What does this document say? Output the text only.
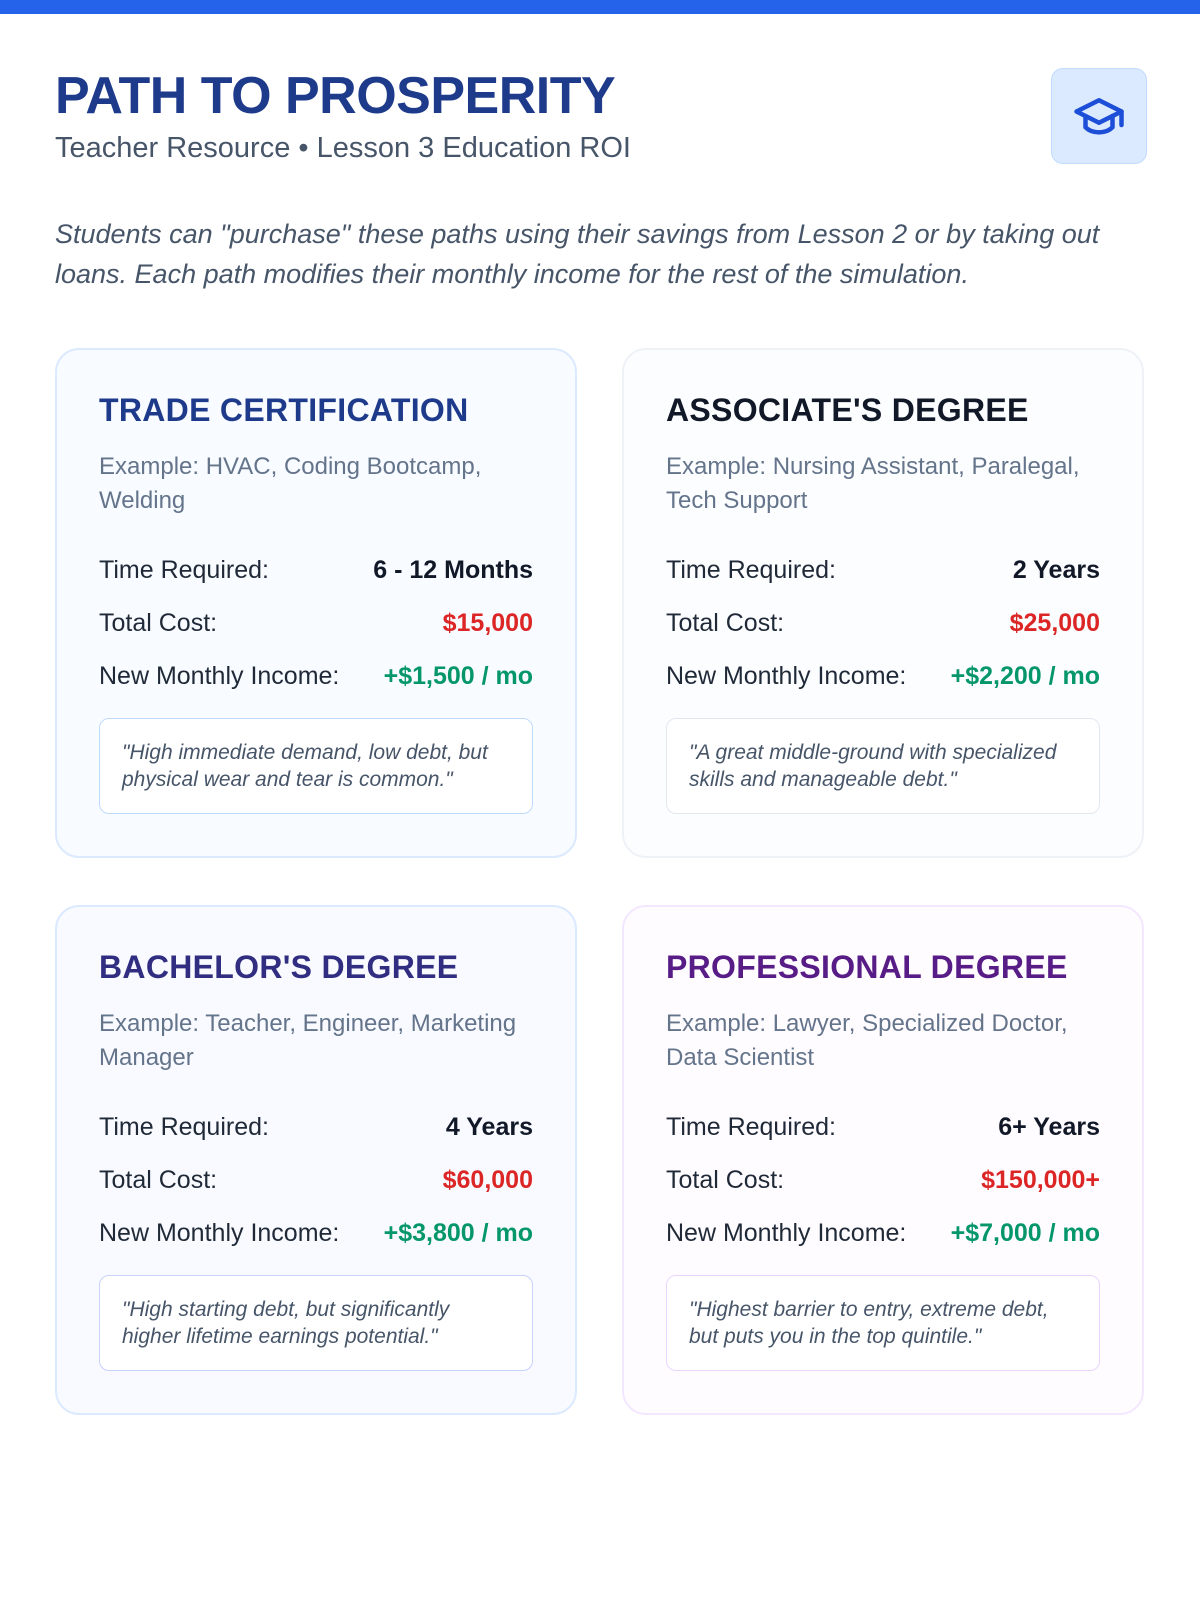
PATH TO PROSPERITY
Teacher Resource • Lesson 3 Education ROI
Students can "purchase" these paths using their savings from Lesson 2 or by taking out loans. Each path modifies their monthly income for the rest of the simulation.
TRADE CERTIFICATION
Example: HVAC, Coding Bootcamp, Welding
Time Required:	6 - 12 Months
Total Cost:	$15,000
New Monthly Income: +$1,500 / mo
"High immediate demand, low debt, but physical wear and tear is common."
ASSOCIATE'S DEGREE
Example: Nursing Assistant, Paralegal, Tech Support
Time Required:	2 Years
Total Cost:	$25,000
New Monthly Income: +$2,200 / mo
"A great middle-ground with specialized skills and manageable debt."
BACHELOR'S DEGREE
Example: Teacher, Engineer, Marketing Manager
Time Required:	4 Years
Total Cost:	$60,000
New Monthly Income: +$3,800 / mo
"High starting debt, but significantly higher lifetime earnings potential."
PROFESSIONAL DEGREE
Example: Lawyer, Specialized Doctor, Data Scientist
Time Required:	6+ Years
Total Cost:	$150,000+
New Monthly Income: +$7,000 / mo
"Highest barrier to entry, extreme debt, but puts you in the top quintile."
